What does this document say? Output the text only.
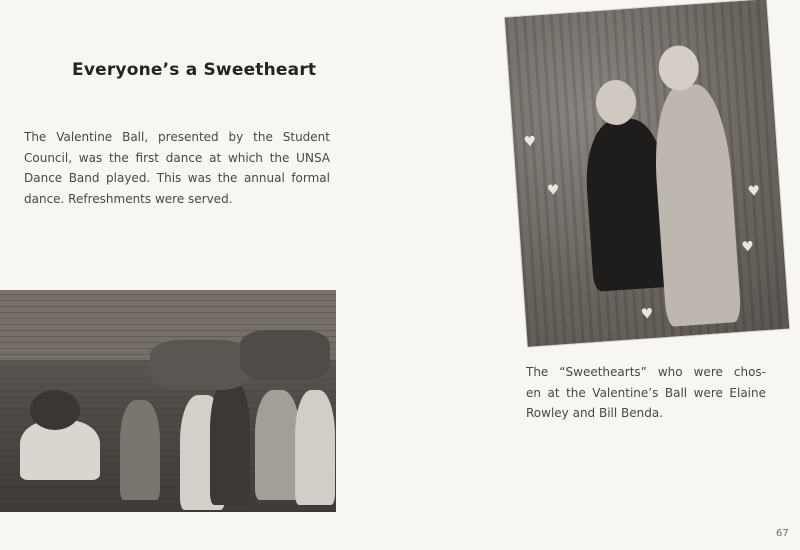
Everyone’s a Sweetheart
The Valentine Ball, presented by the Student
Council, was the first dance at which the UNSA
Dance Band played. This was the annual formal
dance. Refreshments were served.
♥
♥	♥
♥
♥
The “Sweethearts” who were chos-
en at the Valentine’s Ball were Elaine
Rowley and Bill Benda.
67
